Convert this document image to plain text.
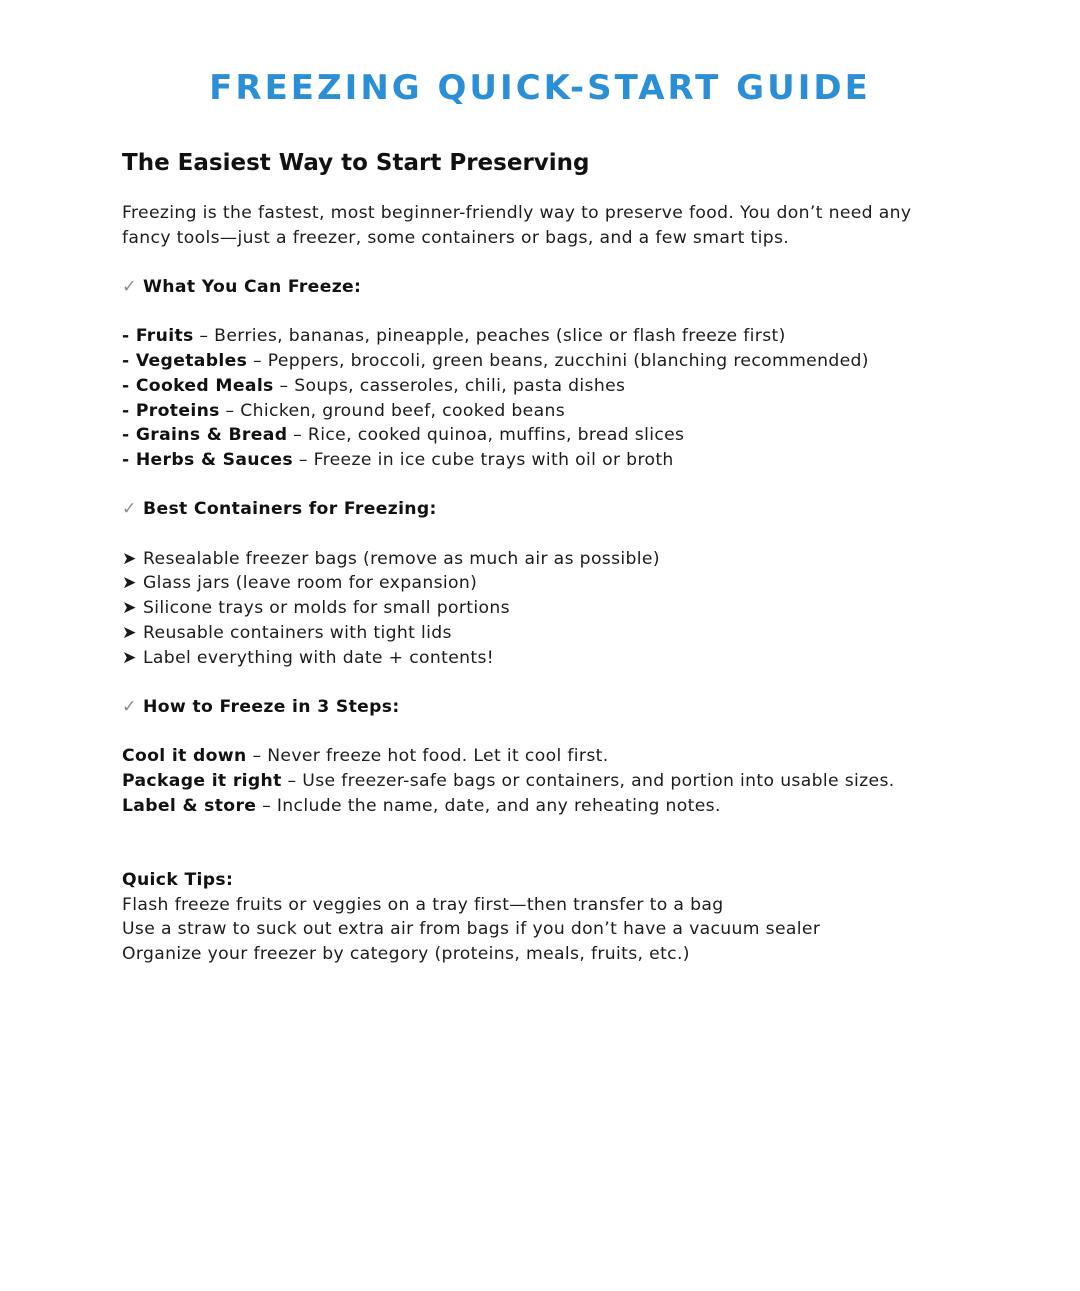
FREEZING QUICK-START GUIDE
The Easiest Way to Start Preserving
Freezing is the fastest, most beginner-friendly way to preserve food. You don’t need any
fancy tools—just a freezer, some containers or bags, and a few smart tips.
✓ What You Can Freeze:
- Fruits – Berries, bananas, pineapple, peaches (slice or flash freeze first)
- Vegetables – Peppers, broccoli, green beans, zucchini (blanching recommended)
- Cooked Meals – Soups, casseroles, chili, pasta dishes
- Proteins – Chicken, ground beef, cooked beans
- Grains & Bread – Rice, cooked quinoa, muffins, bread slices
- Herbs & Sauces – Freeze in ice cube trays with oil or broth
✓ Best Containers for Freezing:
➤ Resealable freezer bags (remove as much air as possible)
➤ Glass jars (leave room for expansion)
➤ Silicone trays or molds for small portions
➤ Reusable containers with tight lids
➤ Label everything with date + contents!
✓ How to Freeze in 3 Steps:
Cool it down – Never freeze hot food. Let it cool first.
Package it right – Use freezer-safe bags or containers, and portion into usable sizes.
Label & store – Include the name, date, and any reheating notes.
Quick Tips:
Flash freeze fruits or veggies on a tray first—then transfer to a bag
Use a straw to suck out extra air from bags if you don’t have a vacuum sealer
Organize your freezer by category (proteins, meals, fruits, etc.)
